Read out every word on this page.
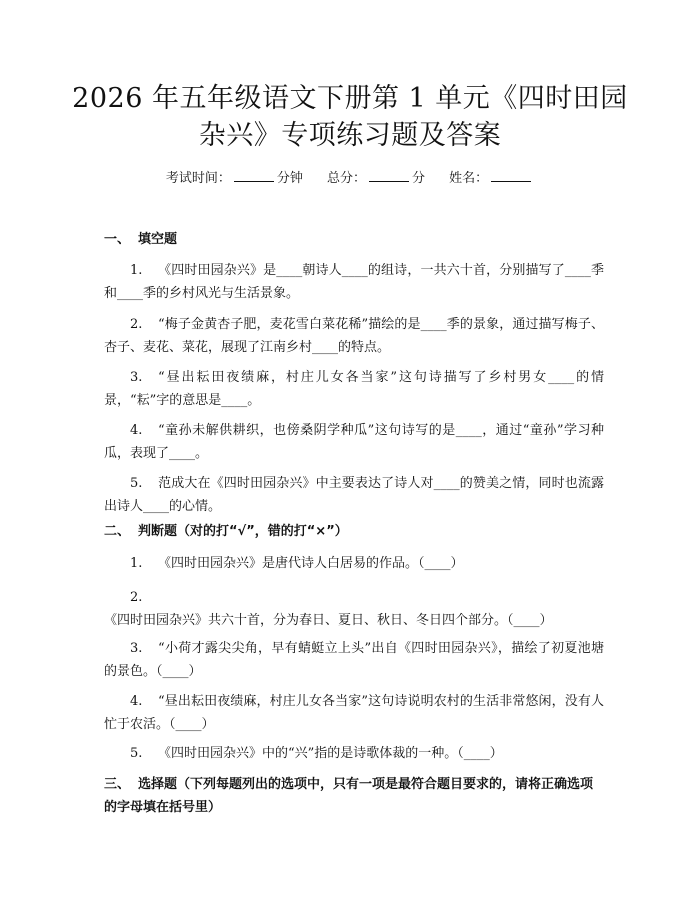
2026 年五年级语文下册第 1 单元《四时田园
杂兴》专项练习题及答案
考试时间：	分钟 总分：	分 姓名：
一、 填空题
1. 《四时田园杂兴》是____朝诗人____的组诗，一共六十首，分别描写了____季和____季的乡村风光与生活景象。
2. “梅子金黄杏子肥，麦花雪白菜花稀”描绘的是____季的景象，通过描写梅子、杏子、麦花、菜花，展现了江南乡村____的特点。
3. “昼出耘田夜绩麻，村庄儿女各当家”这句诗描写了乡村男女____的情景，“耘”字的意思是____。
4. “童孙未解供耕织，也傍桑阴学种瓜”这句诗写的是____，通过“童孙”学习种瓜，表现了____。
5. 范成大在《四时田园杂兴》中主要表达了诗人对____的赞美之情，同时也流露出诗人____的心情。
二、 判断题（对的打“√”，错的打“×”）
1. 《四时田园杂兴》是唐代诗人白居易的作品。（____）
2.《四时田园杂兴》共六十首，分为春日、夏日、秋日、冬日四个部分。（____）
3. “小荷才露尖尖角，早有蜻蜓立上头”出自《四时田园杂兴》，描绘了初夏池塘的景色。（____）
4. “昼出耘田夜绩麻，村庄儿女各当家”这句诗说明农村的生活非常悠闲，没有人忙于农活。（____）
5. 《四时田园杂兴》中的“兴”指的是诗歌体裁的一种。（____）
三、 选择题（下列每题列出的选项中，只有一项是最符合题目要求的，请将正确选项的字母填在括号里）
